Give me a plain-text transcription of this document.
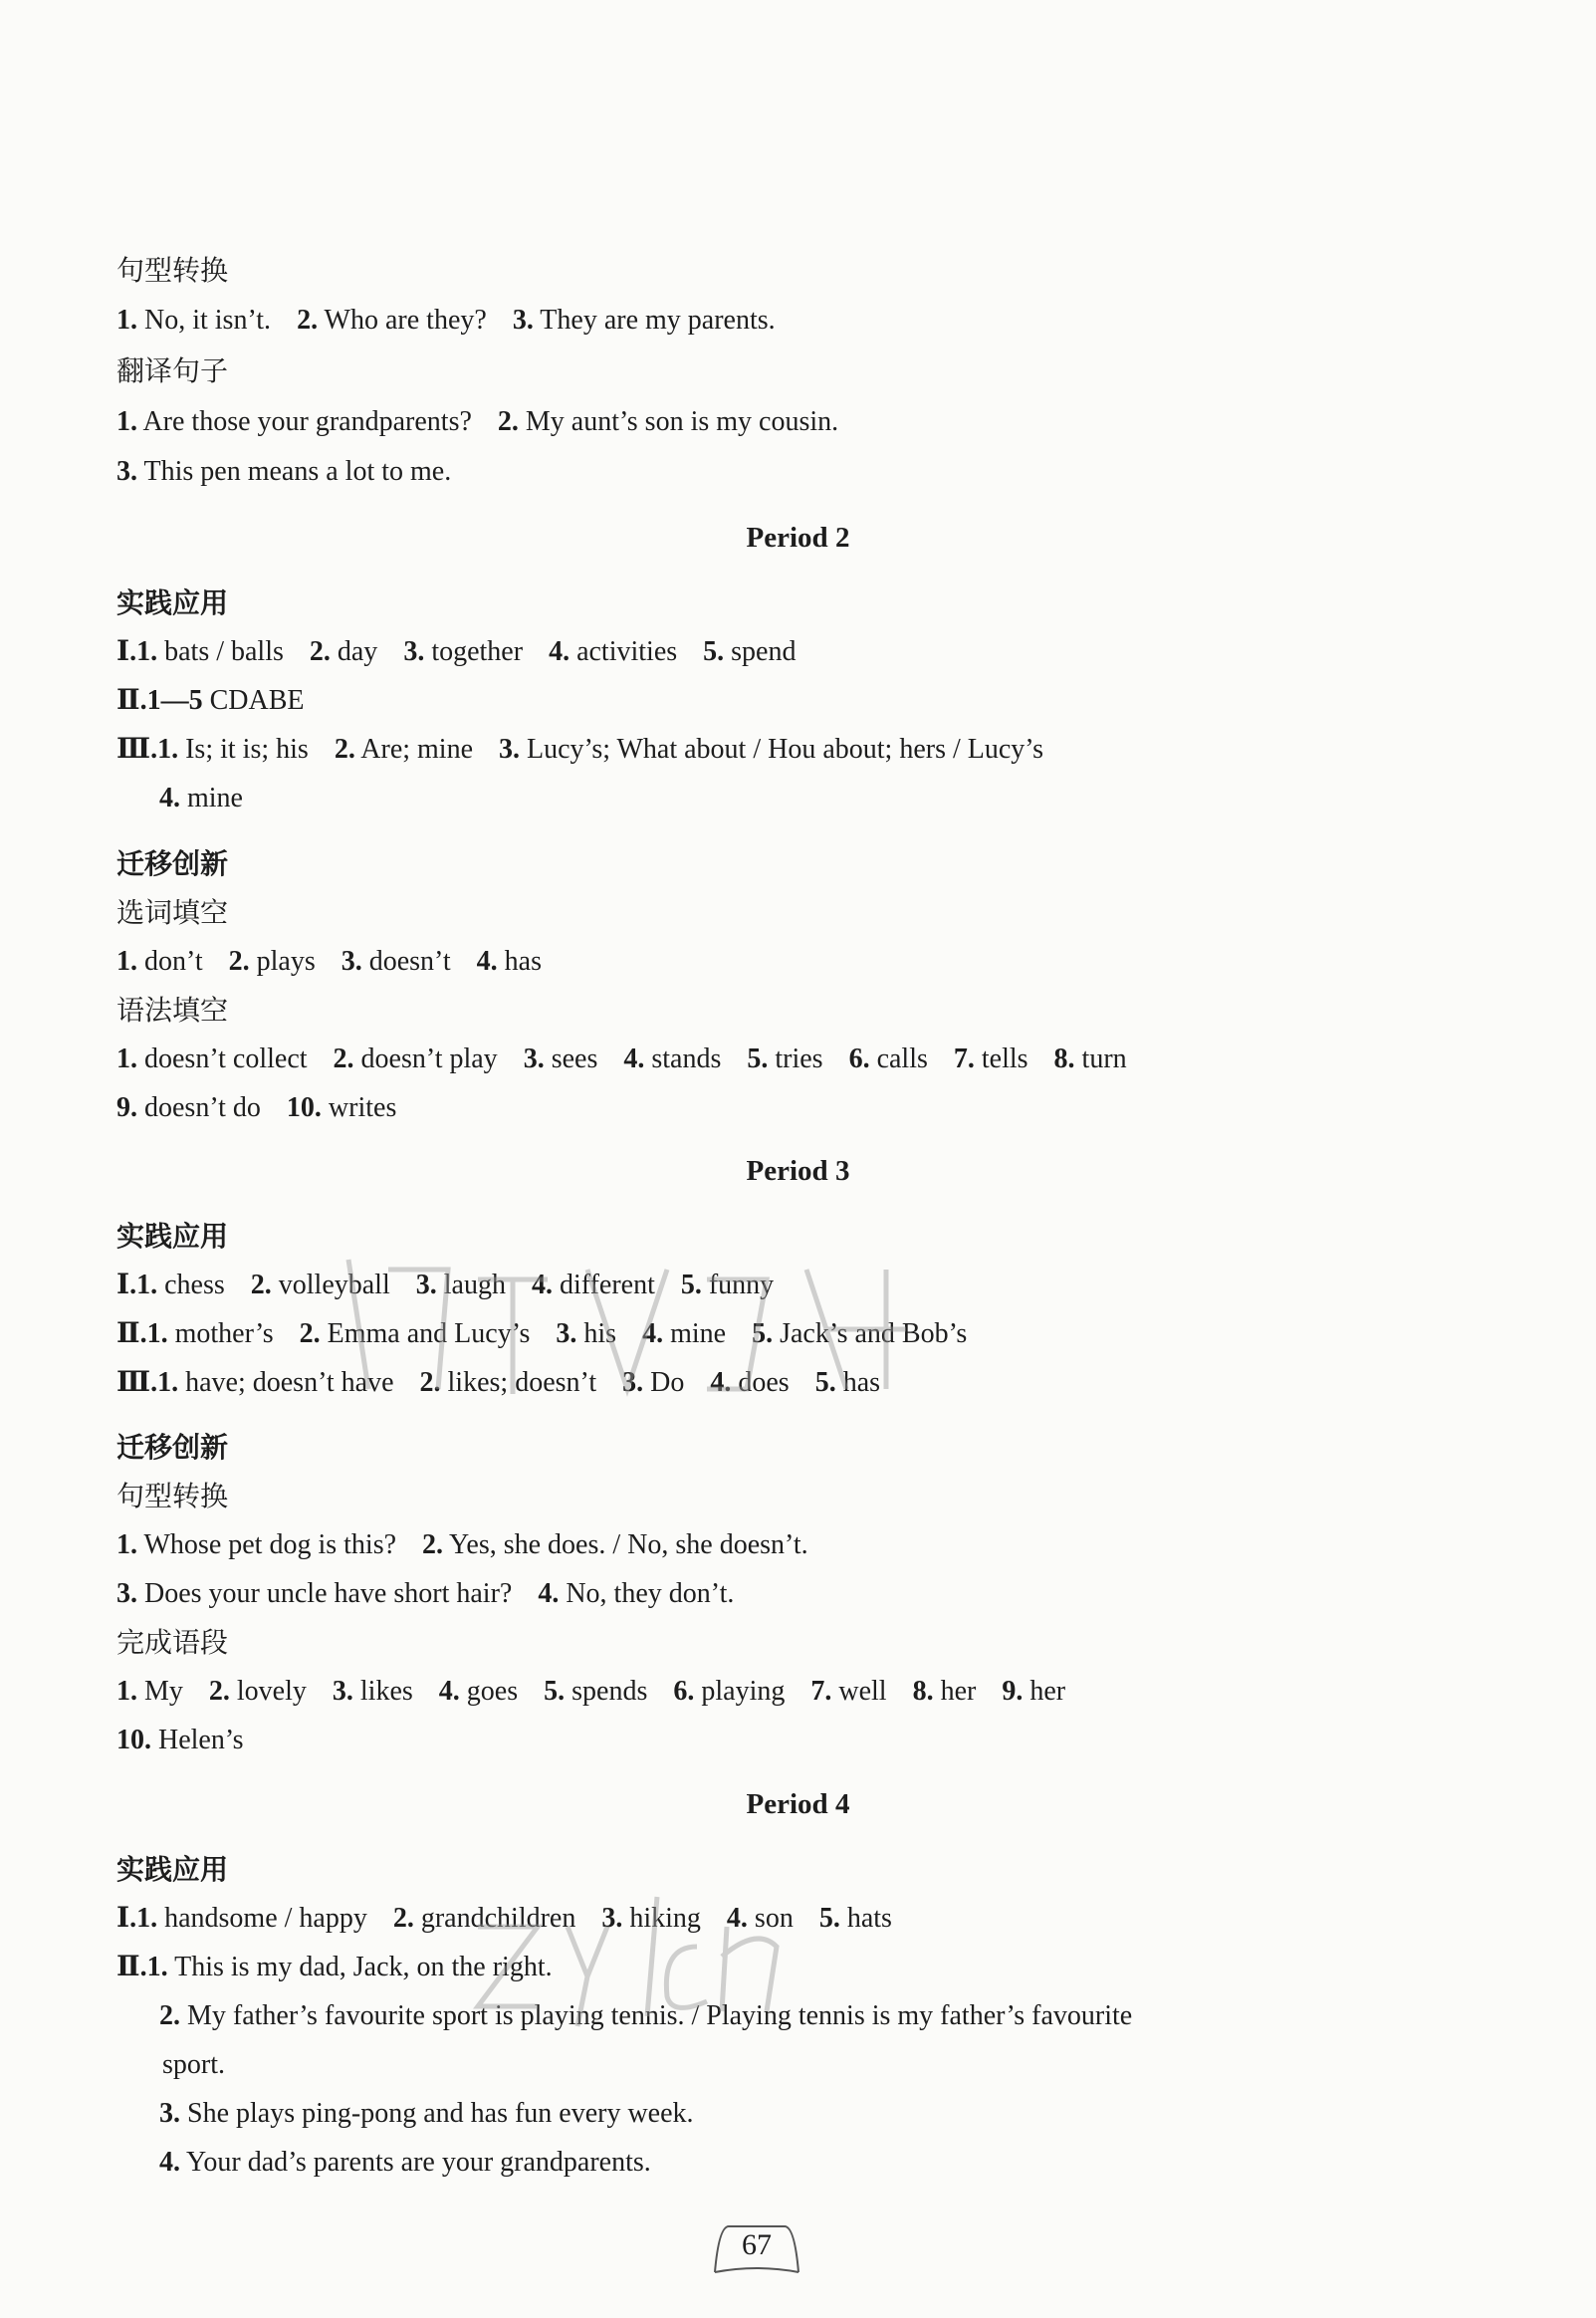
句型转换
1. No, it isn’t. 2. Who are they? 3. They are my parents.
翻译句子
1. Are those your grandparents? 2. My aunt’s son is my cousin.
3. This pen means a lot to me.
Period 2
实践应用
Ⅰ.1. bats / balls 2. day 3. together 4. activities 5. spend
Ⅱ.1—5 CDABE
Ⅲ.1. Is; it is; his 2. Are; mine 3. Lucy’s; What about / Hou about; hers / Lucy’s
4. mine
迁移创新
选词填空
1. don’t 2. plays 3. doesn’t 4. has
语法填空
1. doesn’t collect 2. doesn’t play 3. sees 4. stands 5. tries 6. calls 7. tells 8. turn
9. doesn’t do 10. writes
Period 3
实践应用
Ⅰ.1. chess 2. volleyball 3. laugh 4. different 5. funny
Ⅱ.1. mother’s 2. Emma and Lucy’s 3. his 4. mine 5. Jack’s and Bob’s
Ⅲ.1. have; doesn’t have 2. likes; doesn’t 3. Do 4. does 5. has
迁移创新
句型转换
1. Whose pet dog is this? 2. Yes, she does. / No, she doesn’t.
3. Does your uncle have short hair? 4. No, they don’t.
完成语段
1. My 2. lovely 3. likes 4. goes 5. spends 6. playing 7. well 8. her 9. her
10. Helen’s
Period 4
实践应用
Ⅰ.1. handsome / happy 2. grandchildren 3. hiking 4. son 5. hats
Ⅱ.1. This is my dad, Jack, on the right.
2. My father’s favourite sport is playing tennis. / Playing tennis is my father’s favourite
sport.
3. She plays ping-pong and has fun every week.
4. Your dad’s parents are your grandparents.
67
